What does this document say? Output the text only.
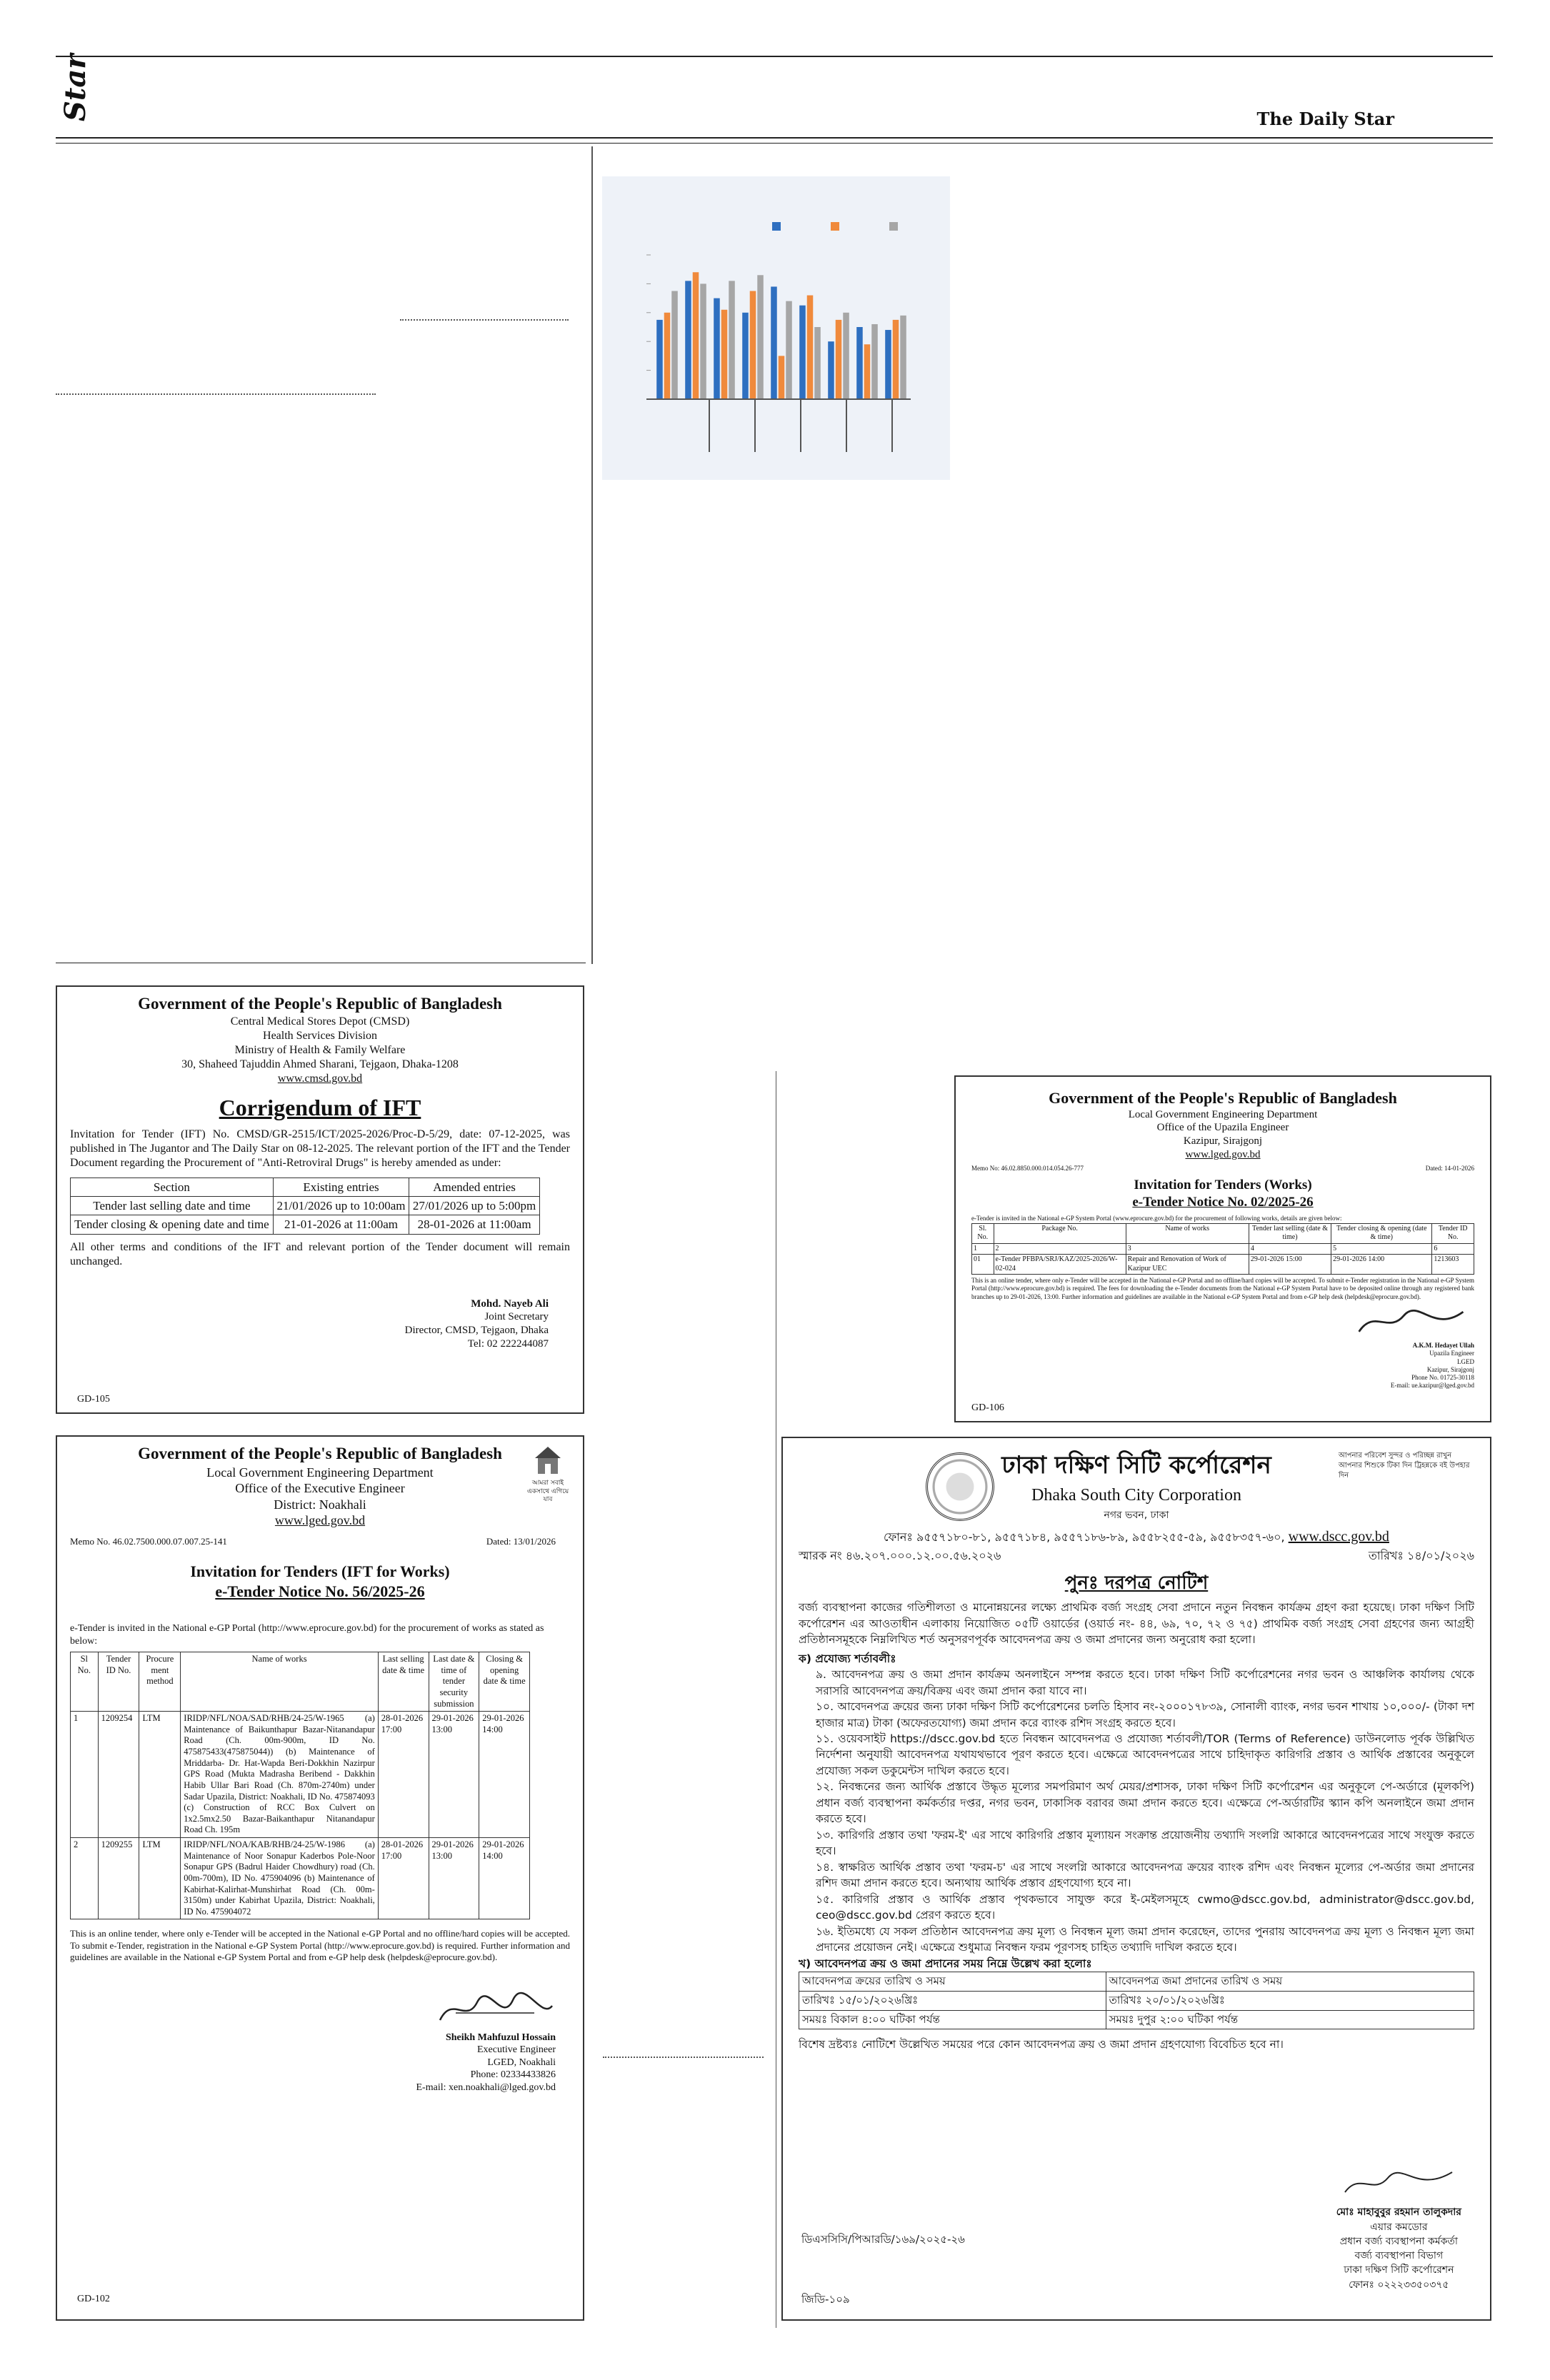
Star	The Daily Star
Government of the People's Republic of Bangladesh
Central Medical Stores Depot (CMSD)
Health Services Division
Ministry of Health & Family Welfare
30, Shaheed Tajuddin Ahmed Sharani, Tejgaon, Dhaka-1208
www.cmsd.gov.bd
Corrigendum of IFT
Invitation for Tender (IFT) No. CMSD/GR-2515/ICT/2025-2026/Proc-D-5/29, date: 07-12-2025, was published in The Jugantor and The Daily Star on 08-12-2025. The relevant portion of the IFT and the Tender Document regarding the Procurement of "Anti-Retroviral Drugs" is hereby amended as under:
Section	Existing entries	Amended entries
Tender last selling date and time	21/01/2026 up to 10:00am	27/01/2026 up to 5:00pm
Tender closing & opening date and time	21-01-2026 at 11:00am	28-01-2026 at 11:00am
All other terms and conditions of the IFT and relevant portion of the Tender document will remain unchanged.
Mohd. Nayeb Ali
Joint Secretary
Director, CMSD, Tejgaon, Dhaka
Tel: 02 222244087
GD-105
Government of the People's Republic of Bangladesh
Local Government Engineering Department
Office of the Upazila Engineer
Kazipur, Sirajgonj
www.lged.gov.bd
Memo No: 46.02.8850.000.014.054.26-777	Dated: 14-01-2026
Invitation for Tenders (Works)
e-Tender Notice No. 02/2025-26
e-Tender is invited in the National e-GP System Portal (www.eprocure.gov.bd) for the procurement of following works, details are given below:
Sl. No.	Package No.	Name of works	Tender last selling (date & time)	Tender closing & opening (date & time)	Tender ID No.
1	2	3	4	5	6
01	e-Tender PFBPA/SRJ/KAZ/2025-2026/W-02-024	Repair and Renovation of Work of Kazipur UEC	29-01-2026 15:00	29-01-2026 14:00	1213603
This is an online tender, where only e-Tender will be accepted in the National e-GP Portal and no offline/hard copies will be accepted. To submit e-Tender registration in the National e-GP System Portal (http://www.eprocure.gov.bd) is required. The fees for downloading the e-Tender documents from the National e-GP System Portal have to be deposited online through any registered bank branches up to 29-01-2026, 13:00. Further information and guidelines are available in the National e-GP System Portal and from e-GP help desk (helpdesk@eprocure.gov.bd).
A.K.M. Hedayet Ullah
Upazila Engineer
LGED
Kazipur, Sirajgonj
Phone No. 01725-30118
E-mail: ue.kazipur@lged.gov.bd
GD-106
আমরা সবাই একসাথে এগিয়ে যাব
Government of the People's Republic of Bangladesh
Local Government Engineering Department
Office of the Executive Engineer
District: Noakhali
www.lged.gov.bd
Memo No. 46.02.7500.000.07.007.25-141	Dated: 13/01/2026
Invitation for Tenders (IFT for Works)
e-Tender Notice No. 56/2025-26
e-Tender is invited in the National e-GP Portal (http://www.eprocure.gov.bd) for the procurement of works as stated as below:
Sl No.	Tender ID No.	Procure ment method	Name of works	Last selling date & time	Last date & time of tender security submission	Closing & opening date & time
1	1209254	LTM	IRIDP/NFL/NOA/SAD/RHB/24-25/W-1965 (a) Maintenance of Baikunthapur Bazar-Nitanandapur Road (Ch. 00m-900m, ID No. 475875433(475875044)) (b) Maintenance of Mriddarba- Dr. Hat-Wapda Beri-Dokkhin Nazirpur GPS Road (Mukta Madrasha Beribend - Dakkhin Habib Ullar Bari Road (Ch. 870m-2740m) under Sadar Upazila, District: Noakhali, ID No. 475874093 (c) Construction of RCC Box Culvert on 1x2.5mx2.50 Bazar-Baikanthapur Nitanandapur Road Ch. 195m	28-01-2026 17:00	29-01-2026 13:00	29-01-2026 14:00
2	1209255	LTM	IRIDP/NFL/NOA/KAB/RHB/24-25/W-1986 (a) Maintenance of Noor Sonapur Kaderbos Pole-Noor Sonapur GPS (Badrul Haider Chowdhury) road (Ch. 00m-700m), ID No. 475904096 (b) Maintenance of Kabirhat-Kalirhat-Munshirhat Road (Ch. 00m-3150m) under Kabirhat Upazila, District: Noakhali, ID No. 475904072	28-01-2026 17:00	29-01-2026 13:00	29-01-2026 14:00
This is an online tender, where only e-Tender will be accepted in the National e-GP Portal and no offline/hard copies will be accepted. To submit e-Tender, registration in the National e-GP System Portal (http://www.eprocure.gov.bd) is required. Further information and guidelines are available in the National e-GP System Portal and from e-GP help desk (helpdesk@eprocure.gov.bd).
Sheikh Mahfuzul Hossain
Executive Engineer
LGED, Noakhali
Phone: 02334433826
E-mail: xen.noakhali@lged.gov.bd
GD-102
আপনার পরিবেশ সুন্দর ও পরিচ্ছন্ন রাখুন আপনার শিশুকে টিকা দিন ট্রিহন্নকে বই উপহার দিন
ঢাকা দক্ষিণ সিটি কর্পোরেশন
Dhaka South City Corporation
নগর ভবন, ঢাকা
ফোনঃ ৯৫৫৭১৮০-৮১, ৯৫৫৭১৮৪, ৯৫৫৭১৮৬-৮৯, ৯৫৫৮২৫৫-৫৯, ৯৫৫৮৩৫৭-৬০, www.dscc.gov.bd
স্মারক নং ৪৬.২০৭.০০০.১২.০০.৫৬.২০২৬	তারিখঃ ১৪/০১/২০২৬
পুনঃ দরপত্র নোটিশ
বর্জ্য ব্যবস্থাপনা কাজের গতিশীলতা ও মানোন্নয়নের লক্ষ্যে প্রাথমিক বর্জ্য সংগ্রহ সেবা প্রদানে নতুন নিবন্ধন কার্যক্রম গ্রহণ করা হয়েছে। ঢাকা দক্ষিণ সিটি কর্পোরেশন এর আওতাধীন এলাকায় নিয়োজিত ০৫টি ওয়ার্ডের (ওয়ার্ড নং- ৪৪, ৬৯, ৭০, ৭২ ও ৭৫) প্রাথমিক বর্জ্য সংগ্রহ সেবা গ্রহণের জন্য আগ্রহী প্রতিষ্ঠানসমূহকে নিম্নলিখিত শর্ত অনুসরণপূর্বক আবেদনপত্র ক্রয় ও জমা প্রদানের জন্য অনুরোধ করা হলো।
ক) প্রযোজ্য শর্তাবলীঃ
৯. আবেদনপত্র ক্রয় ও জমা প্রদান কার্যক্রম অনলাইনে সম্পন্ন করতে হবে। ঢাকা দক্ষিণ সিটি কর্পোরেশনের নগর ভবন ও আঞ্চলিক কার্যালয় থেকে সরাসরি আবেদনপত্র ক্রয়/বিক্রয় এবং জমা প্রদান করা যাবে না।
১০. আবেদনপত্র ক্রয়ের জন্য ঢাকা দক্ষিণ সিটি কর্পোরেশনের চলতি হিসাব নং-২০০০১৭৮৩৯, সোনালী ব্যাংক, নগর ভবন শাখায় ১০,০০০/- (টাকা দশ হাজার মাত্র) টাকা (অফেরতযোগ্য) জমা প্রদান করে ব্যাংক রশিদ সংগ্রহ করতে হবে।
১১. ওয়েবসাইট https://dscc.gov.bd হতে নিবন্ধন আবেদনপত্র ও প্রযোজ্য শর্তাবলী/TOR (Terms of Reference) ডাউনলোড পূর্বক উল্লিখিত নির্দেশনা অনুযায়ী আবেদনপত্র যথাযথভাবে পূরণ করতে হবে। এক্ষেত্রে আবেদনপত্রের সাথে চাহিদাকৃত কারিগরি প্রস্তাব ও আর্থিক প্রস্তাবের অনুকূলে প্রযোজ্য সকল ডকুমেন্টস দাখিল করতে হবে।
১২. নিবন্ধনের জন্য আর্থিক প্রস্তাবে উদ্ধৃত মূল্যের সমপরিমাণ অর্থ মেয়র/প্রশাসক, ঢাকা দক্ষিণ সিটি কর্পোরেশন এর অনুকূলে পে-অর্ডারে (মূলকপি) প্রধান বর্জ্য ব্যবস্থাপনা কর্মকর্তার দপ্তর, নগর ভবন, ঢাকাসিক বরাবর জমা প্রদান করতে হবে। এক্ষেত্রে পে-অর্ডারটির স্ক্যান কপি অনলাইনে জমা প্রদান করতে হবে।
১৩. কারিগরি প্রস্তাব তথা 'ফরম-ই' এর সাথে কারিগরি প্রস্তাব মূল্যায়ন সংক্রান্ত প্রয়োজনীয় তথ্যাদি সংলগ্নি আকারে আবেদনপত্রের সাথে সংযুক্ত করতে হবে।
১৪. স্বাক্ষরিত আর্থিক প্রস্তাব তথা 'ফরম-চ' এর সাথে সংলগ্নি আকারে আবেদনপত্র ক্রয়ের ব্যাংক রশিদ এবং নিবন্ধন মূল্যের পে-অর্ডার জমা প্রদানের রশিদ জমা প্রদান করতে হবে। অন্যথায় আর্থিক প্রস্তাব গ্রহণযোগ্য হবে না।
১৫. কারিগরি প্রস্তাব ও আর্থিক প্রস্তাব পৃথকভাবে সাযুক্ত করে ই-মেইলসমূহে cwmo@dscc.gov.bd, administrator@dscc.gov.bd, ceo@dscc.gov.bd প্রেরণ করতে হবে।
১৬. ইতিমধ্যে যে সকল প্রতিষ্ঠান আবেদনপত্র ক্রয় মূল্য ও নিবন্ধন মূল্য জমা প্রদান করেছেন, তাদের পুনরায় আবেদনপত্র ক্রয় মূল্য ও নিবন্ধন মূল্য জমা প্রদানের প্রয়োজন নেই। এক্ষেত্রে শুধুমাত্র নিবন্ধন ফরম পূরণসহ চাহিত তথ্যাদি দাখিল করতে হবে।
খ) আবেদনপত্র ক্রয় ও জমা প্রদানের সময় নিম্নে উল্লেখ করা হলোঃ
আবেদনপত্র ক্রয়ের তারিখ ও সময়	আবেদনপত্র জমা প্রদানের তারিখ ও সময়
তারিখঃ ১৫/০১/২০২৬খ্রিঃ	তারিখঃ ২০/০১/২০২৬খ্রিঃ
সময়ঃ বিকাল ৪:০০ ঘটিকা পর্যন্ত	সময়ঃ দুপুর ২:০০ ঘটিকা পর্যন্ত
বিশেষ দ্রষ্টব্যঃ নোটিশে উল্লেখিত সময়ের পরে কোন আবেদনপত্র ক্রয় ও জমা প্রদান গ্রহণযোগ্য বিবেচিত হবে না।
মোঃ মাহাবুবুর রহমান তালুকদার
এয়ার কমডোর
প্রধান বর্জ্য ব্যবস্থাপনা কর্মকর্তা
বর্জ্য ব্যবস্থাপনা বিভাগ
ঢাকা দক্ষিণ সিটি কর্পোরেশন
ফোনঃ ০২২২৩৩৫০৩৭৫
ডিএসসিসি/পিআরডি/১৬৯/২০২৫-২৬
জিডি-১০৯
